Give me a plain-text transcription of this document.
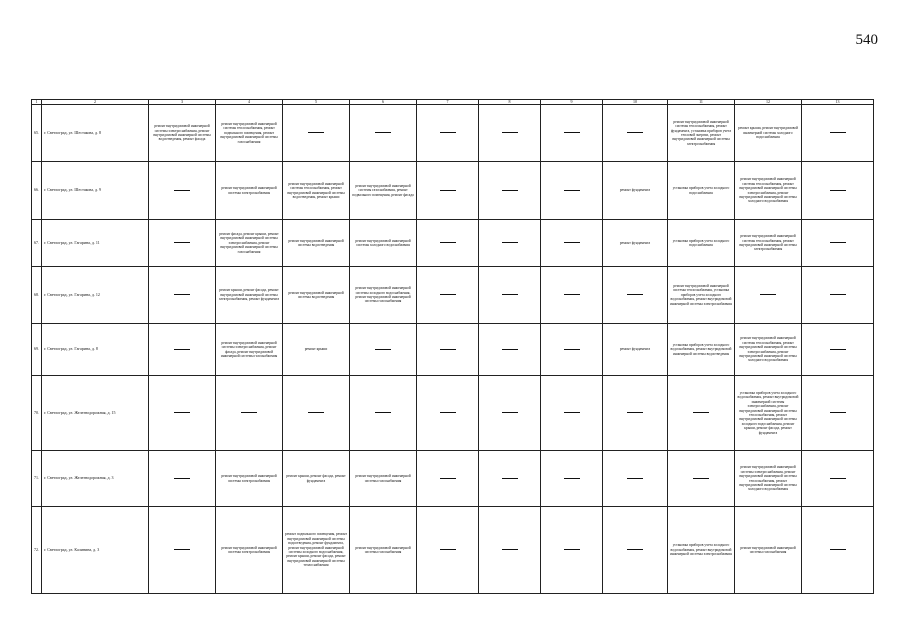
540
1	2	3	4	5	6	7	8	9	10	11	12	13
65.	г. Светлоград, ул. Шестакова, д. 8	ремонт внутридомовой инженерной системы электроснабжения, ремонт внутридомовой инженерной системы водоотведения, ремонт фасада	ремонт внутридомовой инженерной системы теплоснабжения, ремонт подвального помещения, ремонт внутридомовой инженерной системы газоснабжения							ремонт внутридомовой инженерной системы теплоснабжения, ремонт фундамента, установка приборов учета тепловой энергии, ремонт внутридомовой инженерной системы электроснабжения	ремонт крыши, ремонт внутридомовой инженерной системы холодного водоснабжения	
66.	г. Светлоград, ул. Шестакова, д. 9		ремонт внутридомовой инженерной системы электроснабжения	ремонт внутридомовой инженерной системы теплоснабжения, ремонт внутридомовой инженерной системы водоотведения, ремонт крыши	ремонт внутридомовой инженерной системы газоснабжения, ремонт подвального помещения, ремонт фасада				ремонт фундамента	установка приборов учета холодного водоснабжения	ремонт внутридомовой инженерной системы теплоснабжения, ремонт внутридомовой инженерной системы электроснабжения, ремонт внутридомовой инженерной системы холодного водоснабжения	
67.	г. Светлоград, ул. Гагарина, д. 11		ремонт фасада, ремонт крыши, ремонт внутридомовой инженерной системы электроснабжения, ремонт внутридомовой инженерной системы газоснабжения	ремонт внутридомовой инженерной системы водоотведения	ремонт внутридомовой инженерной системы холодного водоснабжения				ремонт фундамента	установка приборов учета холодного водоснабжения	ремонт внутридомовой инженерной системы теплоснабжения, ремонт внутридомовой инженерной системы электроснабжения	
68.	г. Светлоград, ул. Гагарина, д. 12		ремонт крыши, ремонт фасада, ремонт внутридомовой инженерной системы электроснабжения, ремонт фундамента	ремонт внутридомовой инженерной системы водоотведения	ремонт внутридомовой инженерной системы холодного водоснабжения, ремонт внутридомовой инженерной системы газоснабжения					ремонт внутридомовой инженерной системы теплоснабжения, установка приборов учета холодного водоснабжения, ремонт внутридомовой инженерной системы электроснабжения		
69.	г. Светлоград, ул. Гагарина, д. 8		ремонт внутридомовой инженерной системы электроснабжения, ремонт фасада, ремонт внутридомовой инженерной системы газоснабжения	ремонт крыши					ремонт фундамента	установка приборов учета холодного водоснабжения, ремонт внутридомовой инженерной системы водоотведения	ремонт внутридомовой инженерной системы теплоснабжения, ремонт внутридомовой инженерной системы электроснабжения, ремонт внутридомовой инженерной системы холодного водоснабжения	
70.	г. Светлоград, ул. Железнодорожная, д. 15										установка приборов учета холодного водоснабжения, ремонт внутридомовой инженерной системы электроснабжения, ремонт внутридомовой инженерной системы теплоснабжения, ремонт внутридомовой инженерной системы холодного водоснабжения, ремонт крыши, ремонт фасада, ремонт фундамента	
71.	г. Светлоград, ул. Железнодорожная, д. 3		ремонт внутридомовой инженерной системы электроснабжения	ремонт крыши, ремонт фасада, ремонт фундамента	ремонт внутридомовой инженерной системы газоснабжения						ремонт внутридомовой инженерной системы электроснабжения, ремонт внутридомовой инженерной системы теплоснабжения, ремонт внутридомовой инженерной системы холодного водоснабжения	
72.	г. Светлоград, ул. Калинина, д. 3		ремонт внутридомовой инженерной системы электроснабжения	ремонт подвального помещения, ремонт внутридомовой инженерной системы водоотведения, ремонт фундамента, ремонт внутридомовой инженерной системы холодного водоснабжения, ремонт крыши, ремонт фасада, ремонт внутридомовой инженерной системы теплоснабжения	ремонт внутридомовой инженерной системы газоснабжения					установка приборов учета холодного водоснабжения, ремонт внутридомовой инженерной системы электроснабжения	ремонт внутридомовой инженерной системы газоснабжения	
